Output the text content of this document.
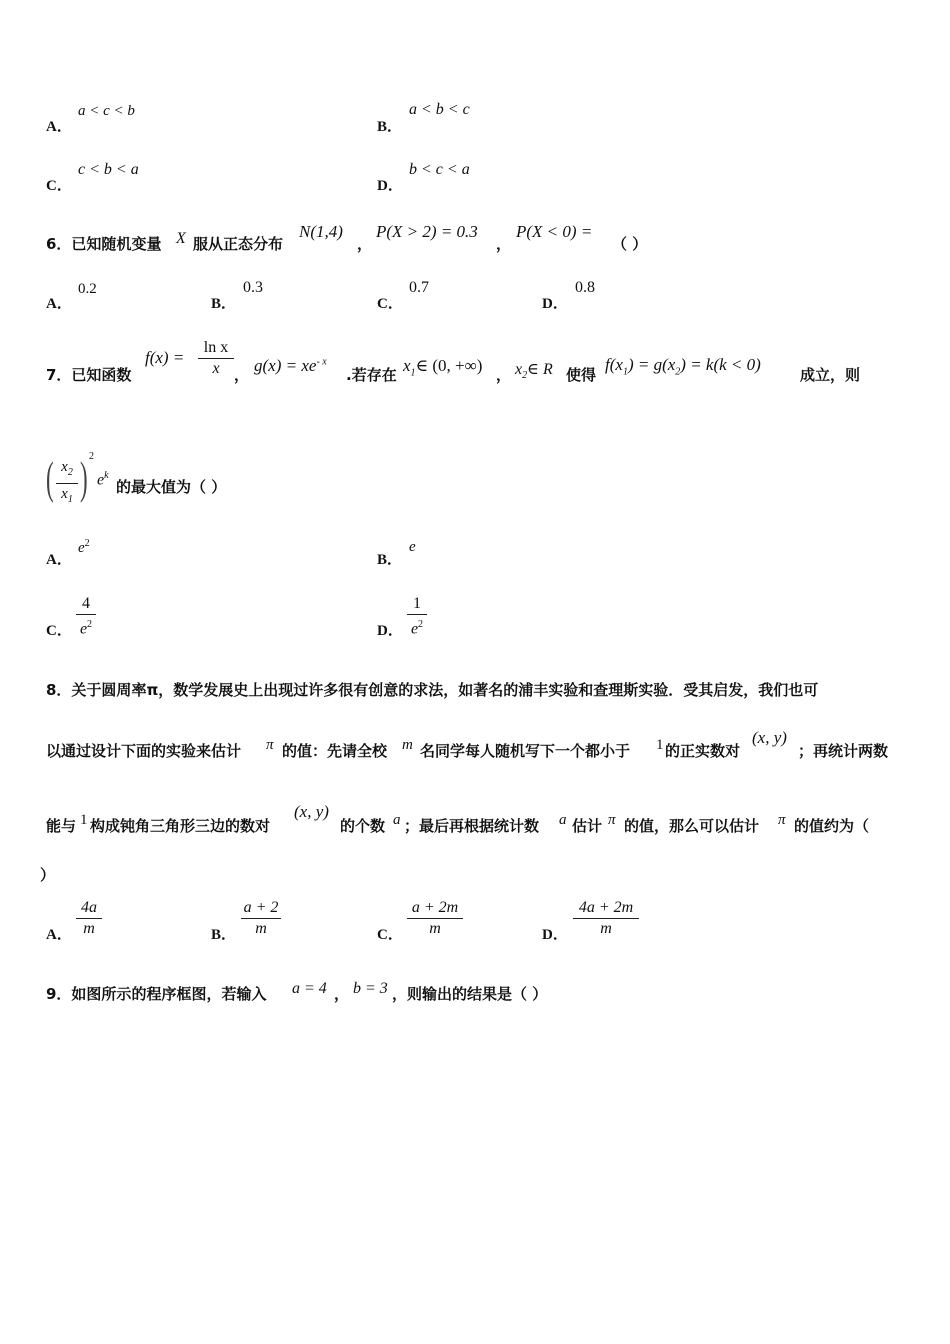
A．
a < c < b
B．
a < b < c
C．
c < b < a
D．
b < c < a
6．已知随机变量 X 服从正态分布
N(1,4)
，
P(X > 2) = 0.3
，
P(X < 0) =
（ ）
A．
0.2
B．
0.3
C．
0.7
D．
0.8
7．已知函数
f(x) =
ln x
x ， $g(x) = xe^{- x}$
.若存在 $x_1\in$ (0, +∞) ， $x_2\in$ R 使得
$f(x_1) = g(x_2) = k(k < 0)$
成立，则
( $x_2$
$x_1$ ) 2
$e^k$
的最大值为（ ）
A．
$e^2$
B．
e
C．
4
$e^2$	D．
1
$e^2$
8．关于圆周率π，数学发展史上出现过许多很有创意的求法，如著名的浦丰实验和查理斯实验．受其启发，我们也可
以通过设计下面的实验来估计 π 的值：先请全校 m 名同学每人随机写下一个都小于 1 的正实数对
(x, y)
；再统计两数
能与 1 构成钝角三角形三边的数对
(x, y)
的个数 a ；最后再根据统计数 a 估计 π 的值，那么可以估计 π 的值约为（
）
A．
4a
m	B．
a + 2
m	C．
a + 2m
m	D．
4a + 2m
m
9．如图所示的程序框图，若输入 a = 4 ， b = 3 ，则输出的结果是（ ）
